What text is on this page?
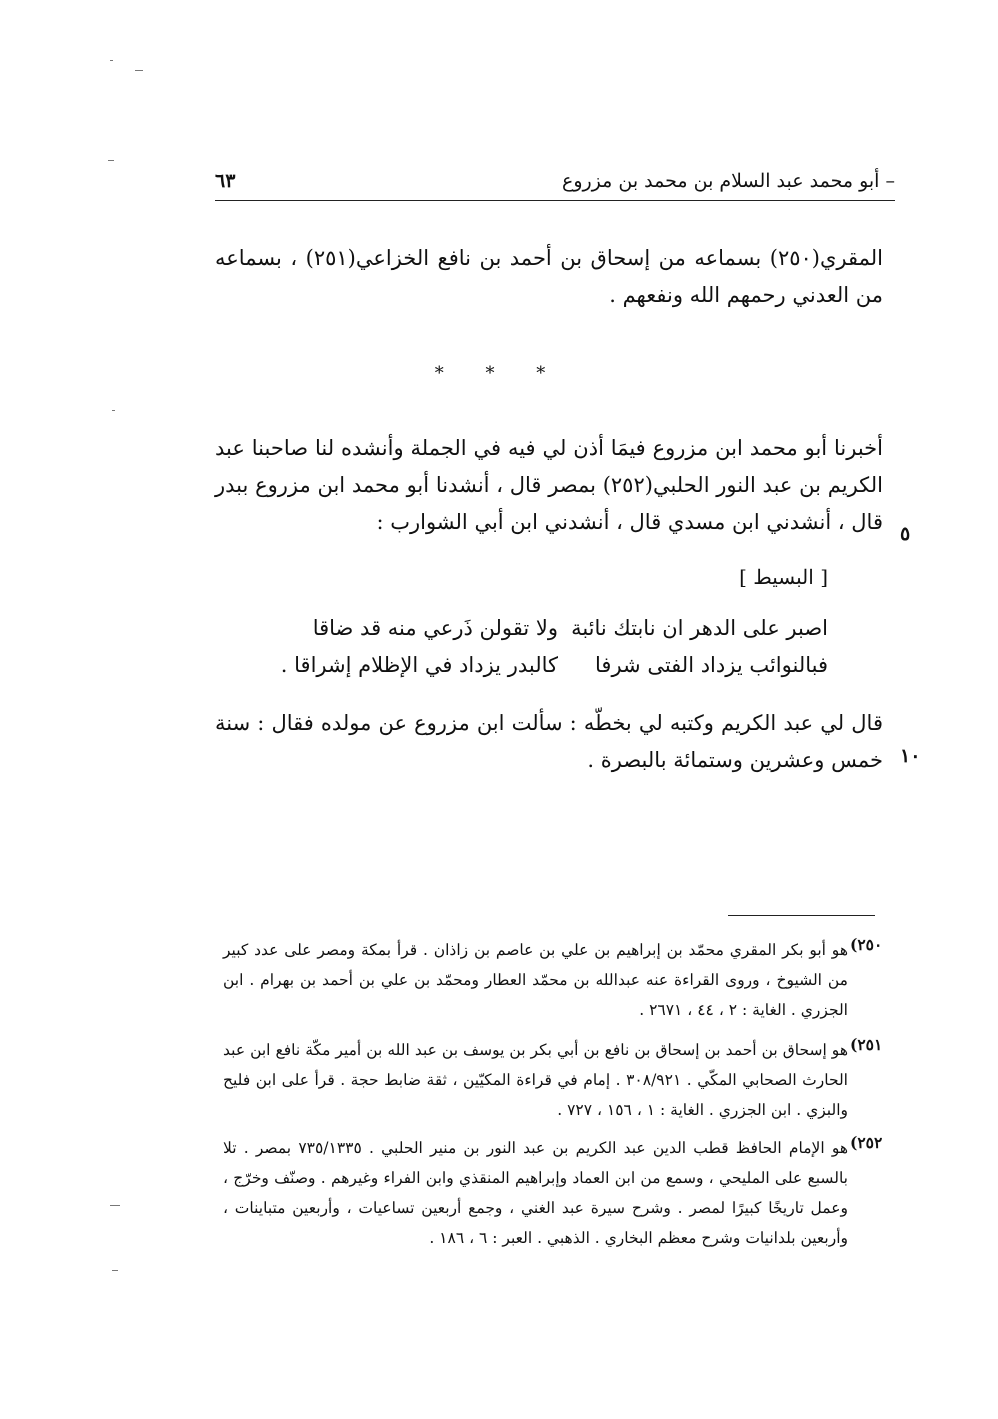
– أبو محمد عبد السلام بن محمد بن مزروع
٦٣
المقري(٢٥٠) بسماعه من إسحاق بن أحمد بن نافع الخزاعي(٢٥١) ، بسماعه من العدني رحمهم الله ونفعهم .
* * *
أخبرنا أبو محمد ابن مزروع فيمَا أذن لي فيه في الجملة وأنشده لنا صاحبنا عبد الكريم بن عبد النور الحلبي(٢٥٢) بمصر قال ، أنشدنا أبو محمد ابن مزروع ببدر قال ، أنشدني ابن مسدي قال ، أنشدني ابن أبي الشوارب : ٥
[ البسيط ]
اصبر على الدهر ان نابتك نائبة
ولا تقولن ذَرعي منه قد ضاقا
فبالنوائب يزداد الفتى شرفا
كالبدر يزداد في الإظلام إشراقا .
قال لي عبد الكريم وكتبه لي بخطّه : سألت ابن مزروع عن مولده فقال : سنة خمس وعشرين وستمائة بالبصرة . ١٠
٢٥٠)
هو أبو بكر المقري محمّد بن إبراهيم بن علي بن عاصم بن زاذان . قرأ بمكة ومصر على عدد كبير من الشيوخ ، وروى القراءة عنه عبدالله بن محمّد العطار ومحمّد بن علي بن أحمد بن بهرام . ابن الجزري . الغاية : ٢ ، ٤٤ ، ٢٦٧١ .
٢٥١)
هو إسحاق بن أحمد بن إسحاق بن نافع بن أبي بكر بن يوسف بن عبد الله بن أمير مكّة نافع ابن عبد الحارث الصحابي المكّي . ٣٠٨/٩٢١ . إمام في قراءة المكيّين ، ثقة ضابط حجة . قرأ على ابن فليح والبزي . ابن الجزري . الغاية : ١ ، ١٥٦ ، ٧٢٧ .
٢٥٢)
هو الإمام الحافظ قطب الدين عبد الكريم بن عبد النور بن منير الحلبي . ٧٣٥/١٣٣٥ بمصر . تلا بالسبع على المليحي ، وسمع من ابن العماد وإبراهيم المنقذي وابن الفراء وغيرهم . وصنّف وخرّج ، وعمل تاريخًا كبيرًا لمصر . وشرح سيرة عبد الغني ، وجمع أربعين تساعيات ، وأربعين متباينات ، وأربعين بلدانيات وشرح معظم البخاري . الذهبي . العبر : ٦ ، ١٨٦ .
